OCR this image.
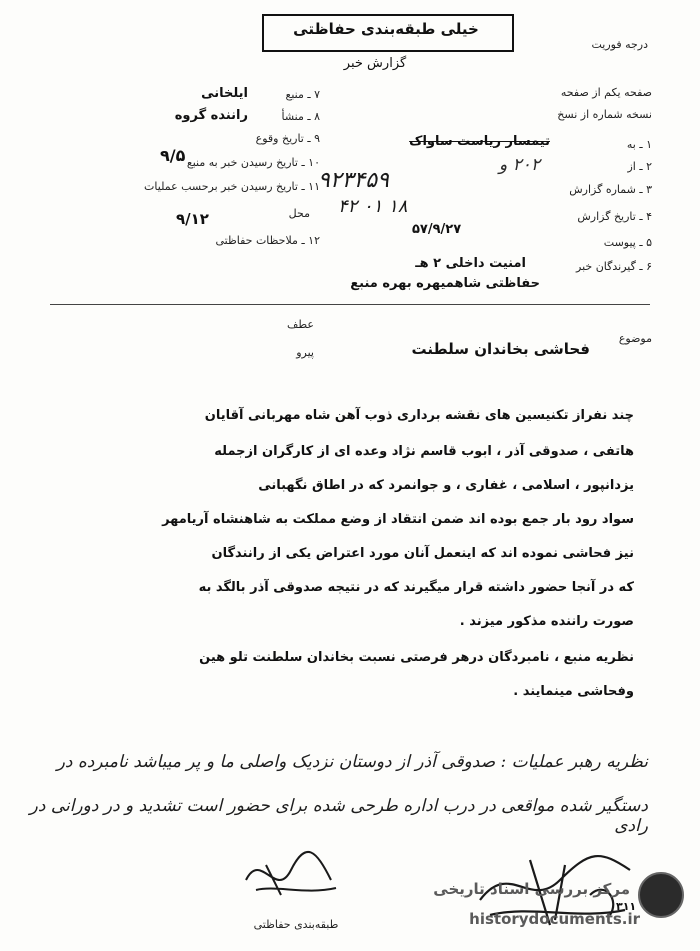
خیلی طبقه‌بندی حفاظتی
گزارش خبر
درجه فوریت
صفحه یکم از صفحه
نسخه شماره از نسخ
۱ ـ به
۲ ـ از
۳ ـ شماره گزارش
۴ ـ تاریخ گزارش
۵ ـ پیوست
۶ ـ گیرندگان خبر
تیمسار ریاست ساواک
۲۰۲ و
۹۲۳۴۵۹
۴۲ ۰۱ ۱۸
۵۷/۹/۲۷
امنیت داخلی ۲ هـ
حفاظتی شاهمیهره بهره منبع
۷ ـ منبع
۸ ـ منشأ
۹ ـ تاریخ وقوع
۱۰ ـ تاریخ رسیدن خبر به منبع
۱۱ ـ تاریخ رسیدن خبر برحسب عملیات
محل
۱۲ ـ ملاحظات حفاظتی
ایلخانی
راننده گروه
۹/۵
۹/۱۲
عطف
پیرو
موضوع
فحاشی بخاندان سلطنت
چند نفراز تکنیسین های نقشه برداری ذوب آهن شاه مهربانی آقایان
هاتفی ، صدوقی آذر ، ابوب قاسم نژاد وعده ای از کارگران ازجمله
یزدانپور ، اسلامی ، غفاری ، و جوانمرد که در اطاق نگهبانی
سواد رود بار جمع بوده اند ضمن انتقاد از وضع مملکت به شاهنشاه آریامهر
نیز فحاشی نموده اند که اینعمل آنان مورد اعتراض یکی از رانندگان
که در آنجا حضور داشته قرار میگیرند که در نتیجه صدوقی آذر بالگد به
صورت راننده مذکور میزند .
نظریه منبع ، نامبردگان درهر فرصتی نسبت بخاندان سلطنت تلو هین
وفحاشی مینمایند .
نظریه رهبر عملیات : صدوقی آذر از دوستان نزدیک واصلی ما و پر میباشد نامبرده در
دستگیر شده مواقعی در درب اداره طرحی شده برای حضور است تشدید و در دورانی در رادی
طبقه‌بندی حفاظتی
۳۱۱
مرکز بررسی اسناد تاریخی
historydocuments.ir
